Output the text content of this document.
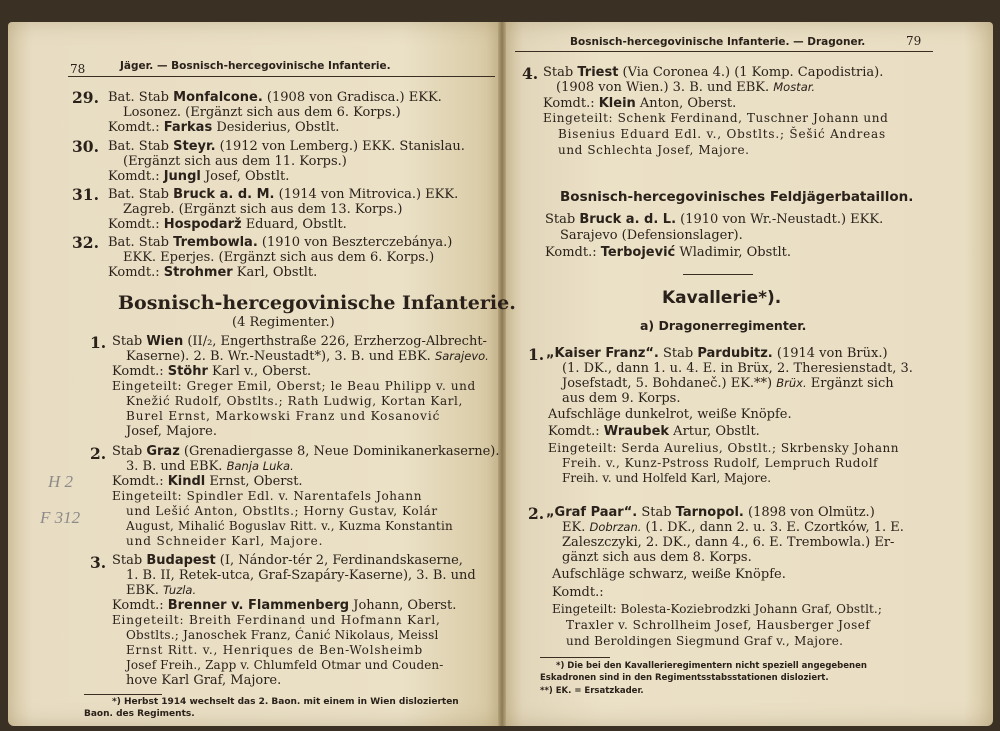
78	Jäger. — Bosnisch-hercegovinische Infanterie.
29. Bat. Stab Monfalcone. (1908 von Gradisca.) EKK.
Losonez. (Ergänzt sich aus dem 6. Korps.)
Komdt.: Farkas Desiderius, Obstlt.
30. Bat. Stab Steyr. (1912 von Lemberg.) EKK. Stanislau.
(Ergänzt sich aus dem 11. Korps.)
Komdt.: Jungl Josef, Obstlt.
31. Bat. Stab Bruck a. d. M. (1914 von Mitrovica.) EKK.
Zagreb. (Ergänzt sich aus dem 13. Korps.)
Komdt.: Hospodarž Eduard, Obstlt.
32. Bat. Stab Trembowla. (1910 von Beszterczebánya.)
EKK. Eperjes. (Ergänzt sich aus dem 6. Korps.)
Komdt.: Strohmer Karl, Obstlt.
Bosnisch-hercegovinische Infanterie.
(4 Regimenter.)
1. Stab Wien (II/₂, Engerthstraße 226, Erzherzog-Albrecht-
Kaserne). 2. B. Wr.-Neustadt*), 3. B. und EBK. Sarajevo.
Komdt.: Stöhr Karl v., Oberst.
Eingeteilt: Greger Emil, Oberst; le Beau Philipp v. und
Knežić Rudolf, Obstlts.; Rath Ludwig, Kortan Karl,
Burel Ernst, Markowski Franz und Kosanović
Josef, Majore.
2. Stab Graz (Grenadiergasse 8, Neue Dominikanerkaserne).
3. B. und EBK. Banja Luka.
Komdt.: Kindl Ernst, Oberst.
Eingeteilt: Spindler Edl. v. Narentafels Johann
und Lešić Anton, Obstlts.; Horny Gustav, Kolár
August, Mihalić Boguslav Ritt. v., Kuzma Konstantin
und Schneider Karl, Majore.
3. Stab Budapest (I, Nándor-tér 2, Ferdinandskaserne,
1. B. II, Retek-utca, Graf-Szapáry-Kaserne), 3. B. und
EBK. Tuzla.
Komdt.: Brenner v. Flammenberg Johann, Oberst.
Eingeteilt: Breith Ferdinand und Hofmann Karl,
Obstlts.; Janoschek Franz, Ćanić Nikolaus, Meissl
Ernst Ritt. v., Henriques de Ben-Wolsheimb
Josef Freih., Zapp v. Chlumfeld Otmar und Couden-
hove Karl Graf, Majore.
*) Herbst 1914 wechselt das 2. Baon. mit einem in Wien dislozierten
Baon. des Regiments.
H 2
F 312
Bosnisch-hercegovinische Infanterie. — Dragoner.	79
4. Stab Triest (Via Coronea 4.) (1 Komp. Capodistria).
(1908 von Wien.) 3. B. und EBK. Mostar.
Komdt.: Klein Anton, Oberst.
Eingeteilt: Schenk Ferdinand, Tuschner Johann und
Bisenius Eduard Edl. v., Obstlts.; Šešić Andreas
und Schlechta Josef, Majore.
Bosnisch-hercegovinisches Feldjägerbataillon.
Stab Bruck a. d. L. (1910 von Wr.-Neustadt.) EKK.
Sarajevo (Defensionslager).
Komdt.: Terbojević Wladimir, Obstlt.
Kavallerie*).
a) Dragonerregimenter.
1. „Kaiser Franz“. Stab Pardubitz. (1914 von Brüx.)
(1. DK., dann 1. u. 4. E. in Brüx, 2. Theresienstadt, 3.
Josefstadt, 5. Bohdaneč.) EK.**) Brüx. Ergänzt sich
aus dem 9. Korps.
Aufschläge dunkelrot, weiße Knöpfe.
Komdt.: Wraubek Artur, Obstlt.
Eingeteilt: Serda Aurelius, Obstlt.; Skrbensky Johann
Freih. v., Kunz-Pstross Rudolf, Lempruch Rudolf
Freih. v. und Holfeld Karl, Majore.
2. „Graf Paar“. Stab Tarnopol. (1898 von Olmütz.)
EK. Dobrzan. (1. DK., dann 2. u. 3. E. Czortków, 1. E.
Zaleszczyki, 2. DK., dann 4., 6. E. Trembowla.) Er-
gänzt sich aus dem 8. Korps.
Aufschläge schwarz, weiße Knöpfe.
Komdt.:
Eingeteilt: Bolesta-Koziebrodzki Johann Graf, Obstlt.;
Traxler v. Schrollheim Josef, Hausberger Josef
und Beroldingen Siegmund Graf v., Majore.
*) Die bei den Kavallerieregimentern nicht speziell angegebenen
Eskadronen sind in den Regimentsstabsstationen disloziert.
**) EK. = Ersatzkader.
